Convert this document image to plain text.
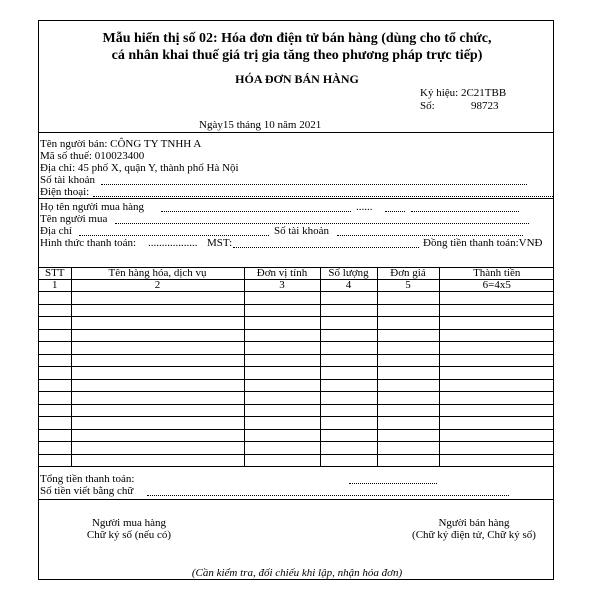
Mẫu hiển thị số 02: Hóa đơn điện tử bán hàng (dùng cho tổ chức,
cá nhân khai thuế giá trị gia tăng theo phương pháp trực tiếp)
HÓA ĐƠN BÁN HÀNG
Ký hiệu: 2C21TBB
Số:	98723
Ngày15 tháng 10 năm 2021
Tên người bán: CÔNG TY TNHH A
Mã số thuế: 010023400
Địa chỉ: 45 phố X, quận Y, thành phố Hà Nội
Số tài khoản
Điện thoại:
Họ tên người mua hàng	......
Tên người mua
Địa chỉ	Số tài khoản
Hình thức thanh toán: .................. MST:	Đồng tiền thanh toán:VNĐ
STT	Tên hàng hóa, dịch vụ	Đơn vị tính	Số lượng	Đơn giá	Thành tiền
1	2	3	4	5	6=4x5

Tổng tiền thanh toán:
Số tiền viết bằng chữ
Người mua hàng
Chữ ký số (nếu có)
Người bán hàng
(Chữ ký điện tử, Chữ ký số)
(Cần kiểm tra, đối chiếu khi lập, nhận hóa đơn)
